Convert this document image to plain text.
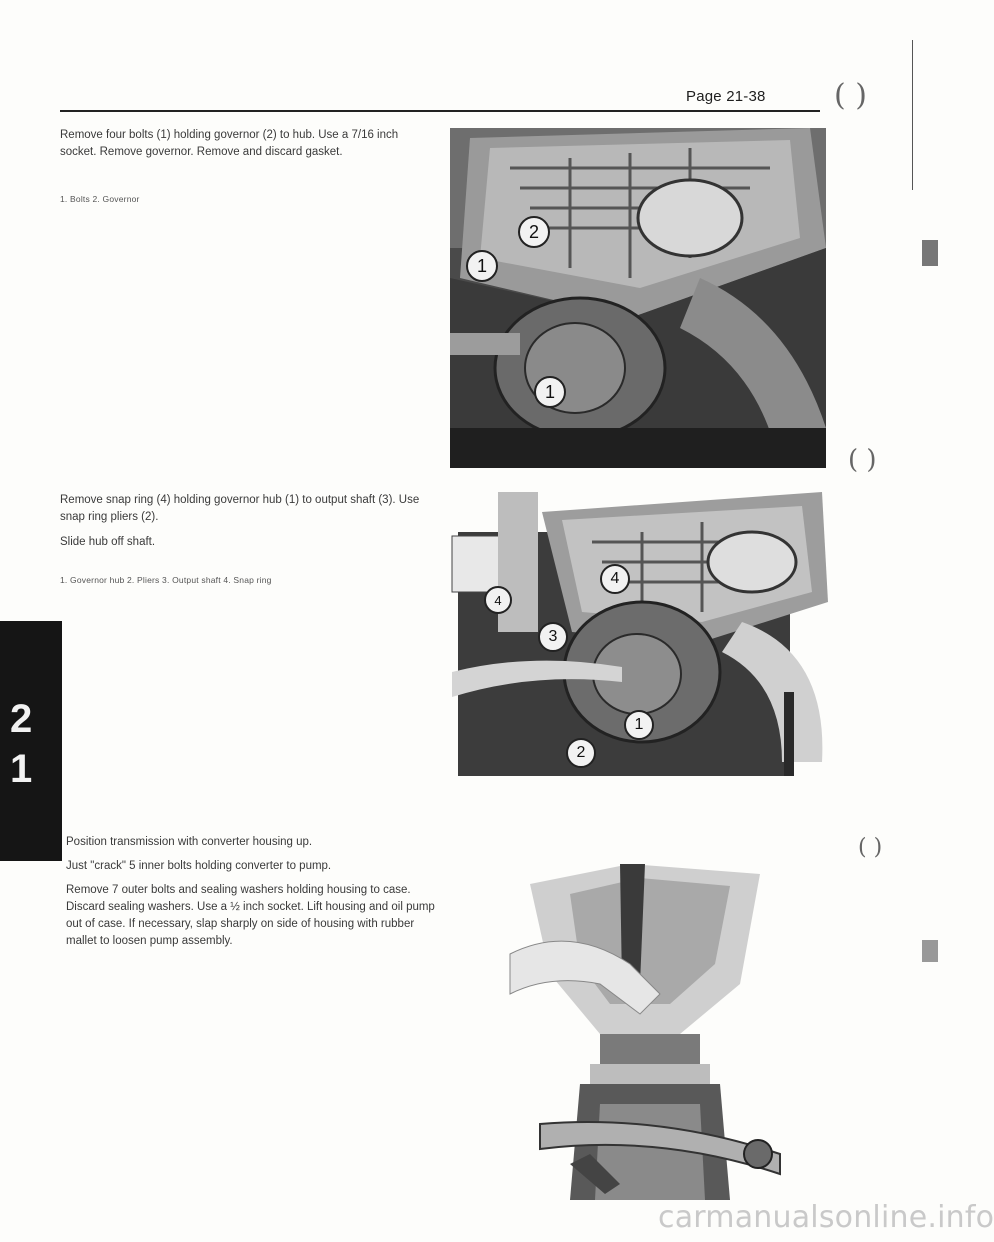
Page 21-38 ( )
( )
( )

Remove four bolts (1) holding governor (2) to hub. Use a 7/16 inch socket. Remove governor. Remove and discard gasket.

1. Bolts 2. Governor
2
1
1

Remove snap ring (4) holding governor hub (1) to output shaft (3). Use snap ring pliers (2).

Slide hub off shaft.

1. Governor hub 2. Pliers 3. Output shaft 4. Snap ring	4
4
3
1
2
2
1

Position transmission with converter housing up.

Just "crack" 5 inner bolts holding converter to pump.

Remove 7 outer bolts and sealing washers holding housing to case. Discard sealing washers. Use a ½ inch socket. Lift housing and oil pump out of case. If necessary, slap sharply on side of housing with rubber mallet to loosen pump assembly.

carmanualsonline.info
